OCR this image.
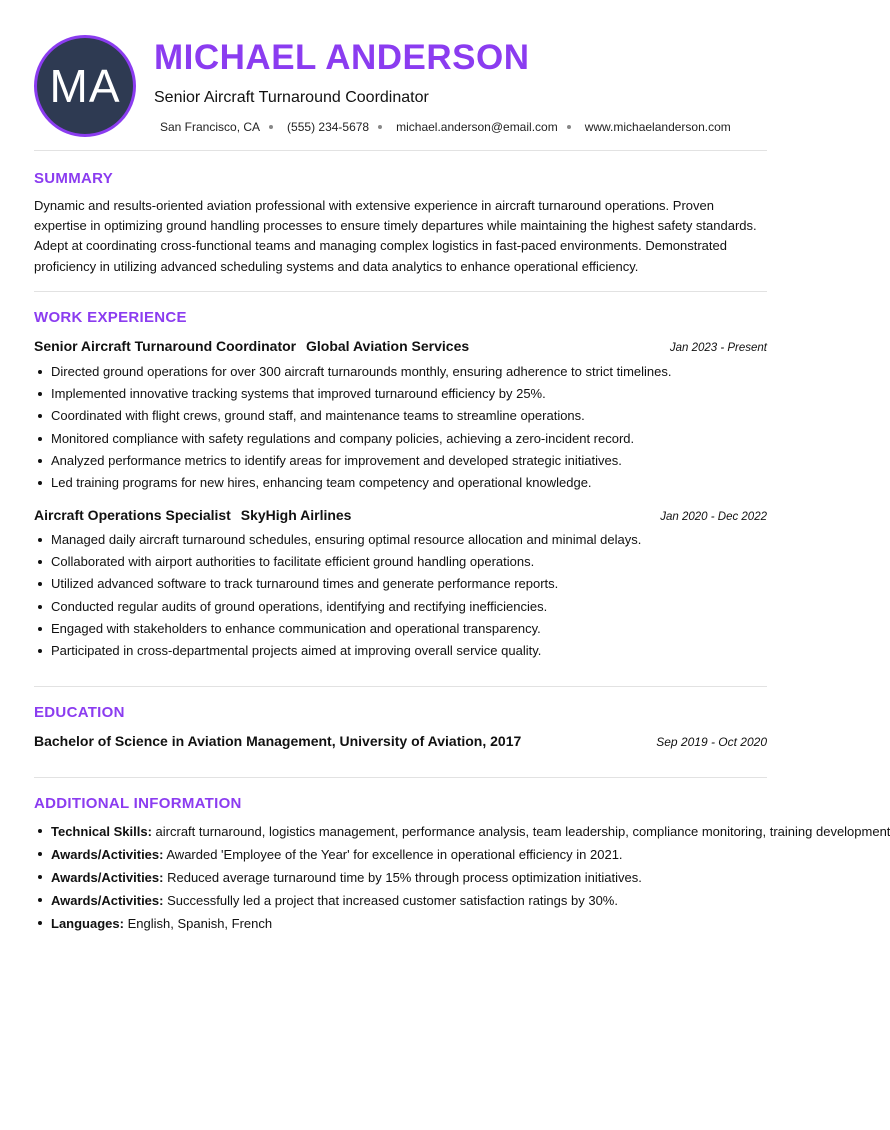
MA
MICHAEL ANDERSON
Senior Aircraft Turnaround Coordinator
San Francisco, CA (555) 234-5678 michael.anderson@email.com www.michaelanderson.com
SUMMARY
Dynamic and results-oriented aviation professional with extensive experience in aircraft turnaround operations. Proven expertise in optimizing ground handling processes to ensure timely departures while maintaining the highest safety standards. Adept at coordinating cross-functional teams and managing complex logistics in fast-paced environments. Demonstrated proficiency in utilizing advanced scheduling systems and data analytics to enhance operational efficiency.
WORK EXPERIENCE
Senior Aircraft Turnaround Coordinator Global Aviation Services	Jan 2023 - Present
Directed ground operations for over 300 aircraft turnarounds monthly, ensuring adherence to strict timelines.
Implemented innovative tracking systems that improved turnaround efficiency by 25%.
Coordinated with flight crews, ground staff, and maintenance teams to streamline operations.
Monitored compliance with safety regulations and company policies, achieving a zero-incident record.
Analyzed performance metrics to identify areas for improvement and developed strategic initiatives.
Led training programs for new hires, enhancing team competency and operational knowledge.
Aircraft Operations Specialist SkyHigh Airlines	Jan 2020 - Dec 2022
Managed daily aircraft turnaround schedules, ensuring optimal resource allocation and minimal delays.
Collaborated with airport authorities to facilitate efficient ground handling operations.
Utilized advanced software to track turnaround times and generate performance reports.
Conducted regular audits of ground operations, identifying and rectifying inefficiencies.
Engaged with stakeholders to enhance communication and operational transparency.
Participated in cross-departmental projects aimed at improving overall service quality.
EDUCATION
Bachelor of Science in Aviation Management, University of Aviation, 2017	Sep 2019 - Oct 2020
ADDITIONAL INFORMATION
Technical Skills: aircraft turnaround, logistics management, performance analysis, team leadership, compliance monitoring, training development
Awards/Activities: Awarded 'Employee of the Year' for excellence in operational efficiency in 2021.
Awards/Activities: Reduced average turnaround time by 15% through process optimization initiatives.
Awards/Activities: Successfully led a project that increased customer satisfaction ratings by 30%.
Languages: English, Spanish, French
